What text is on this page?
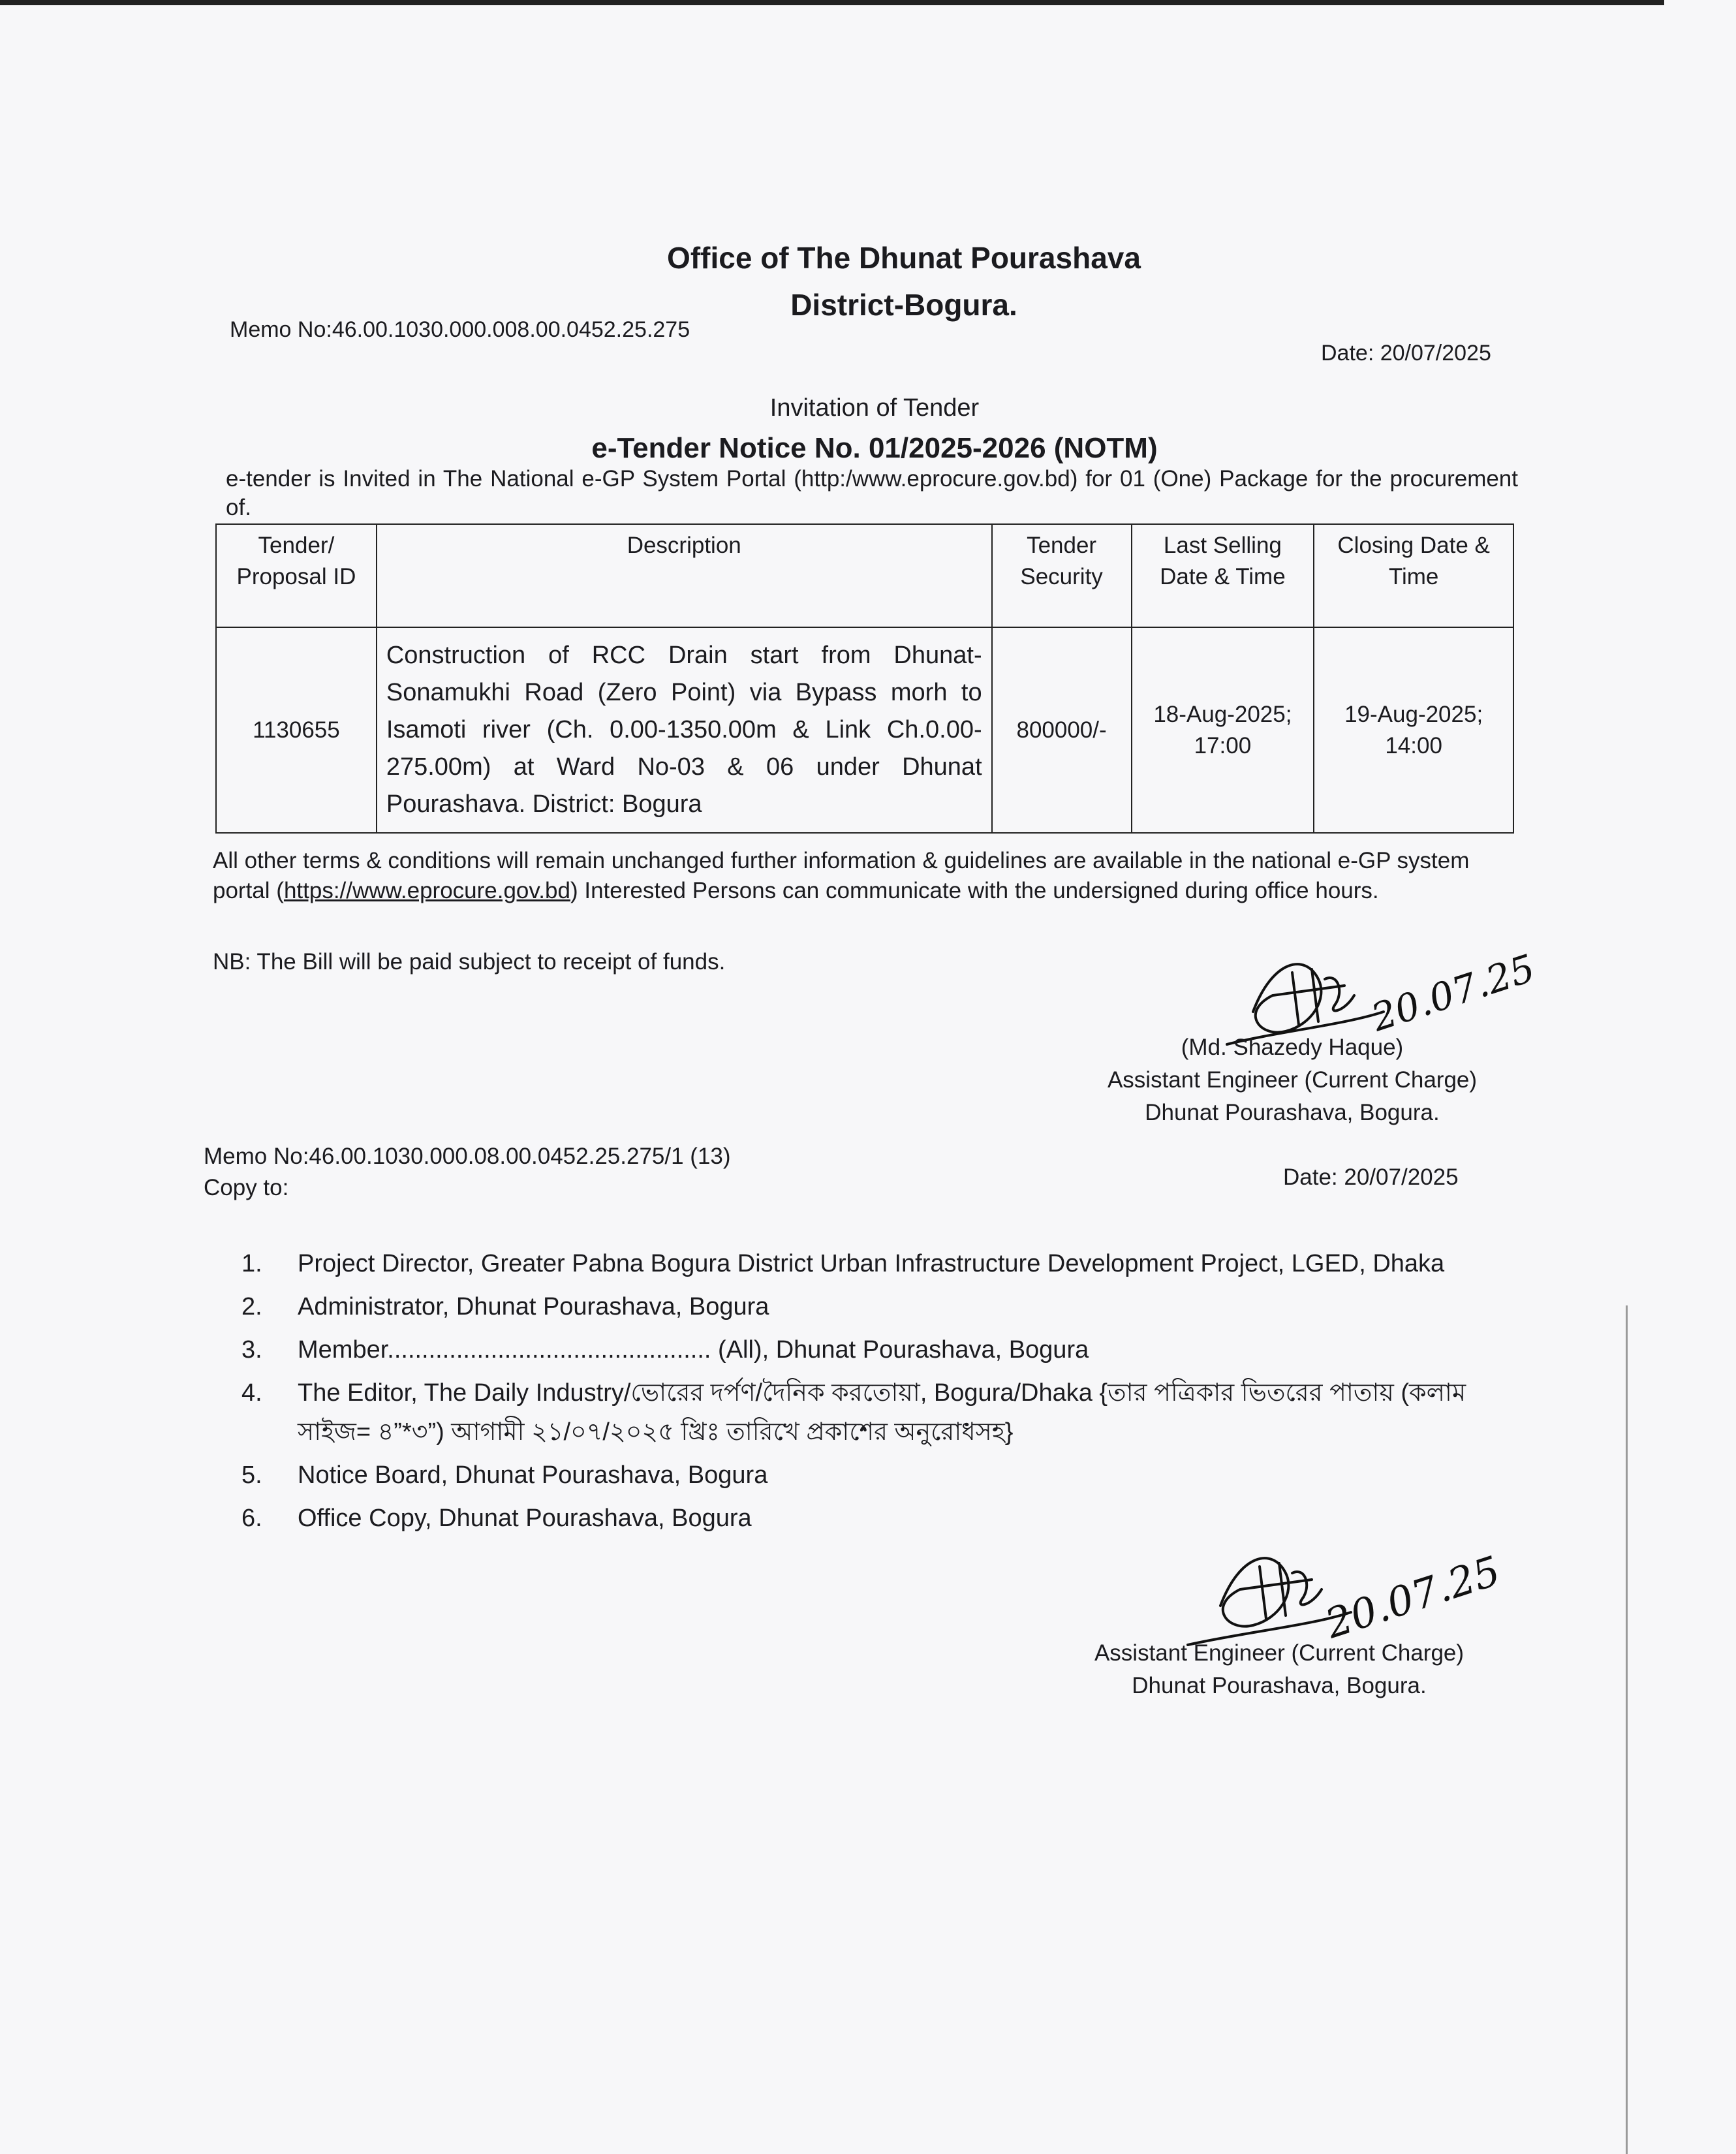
Office of The Dhunat Pourashava
District-Bogura.
Memo No:46.00.1030.000.008.00.0452.25.275
Date: 20/07/2025
Invitation of Tender
e-Tender Notice No. 01/2025-2026 (NOTM)
e-tender is Invited in The National e-GP System Portal (http:/www.eprocure.gov.bd) for 01 (One) Package for the procurement of.
Tender/ Proposal ID	Description	Tender Security	Last Selling Date & Time	Closing Date & Time
1130655	Construction of RCC Drain start from Dhunat-Sonamukhi Road (Zero Point) via Bypass morh to Isamoti river (Ch. 0.00-1350.00m & Link Ch.0.00-275.00m) at Ward No-03 & 06 under Dhunat Pourashava. District: Bogura	800000/-	18-Aug-2025; 17:00	19-Aug-2025; 14:00
All other terms & conditions will remain unchanged further information & guidelines are available in the national e-GP system portal (https://www.eprocure.gov.bd) Interested Persons can communicate with the undersigned during office hours.
NB: The Bill will be paid subject to receipt of funds.	20.07.25
(Md. Shazedy Haque)
Assistant Engineer (Current Charge)
Dhunat Pourashava, Bogura.
Memo No:46.00.1030.000.08.00.0452.25.275/1 (13)
Copy to:	Date: 20/07/2025
1. Project Director, Greater Pabna Bogura District Urban Infrastructure Development Project, LGED, Dhaka
2. Administrator, Dhunat Pourashava, Bogura
3. Member............................................... (All), Dhunat Pourashava, Bogura
4. The Editor, The Daily Industry/ভোরের দর্পণ/দৈনিক করতোয়া, Bogura/Dhaka {তার পত্রিকার ভিতরের পাতায় (কলাম সাইজ= ৪”*৩”) আগামী ২১/০৭/২০২৫ খ্রিঃ তারিখে প্রকাশের অনুরোধসহ}
5. Notice Board, Dhunat Pourashava, Bogura
6. Office Copy, Dhunat Pourashava, Bogura
20.07.25
Assistant Engineer (Current Charge)
Dhunat Pourashava, Bogura.
